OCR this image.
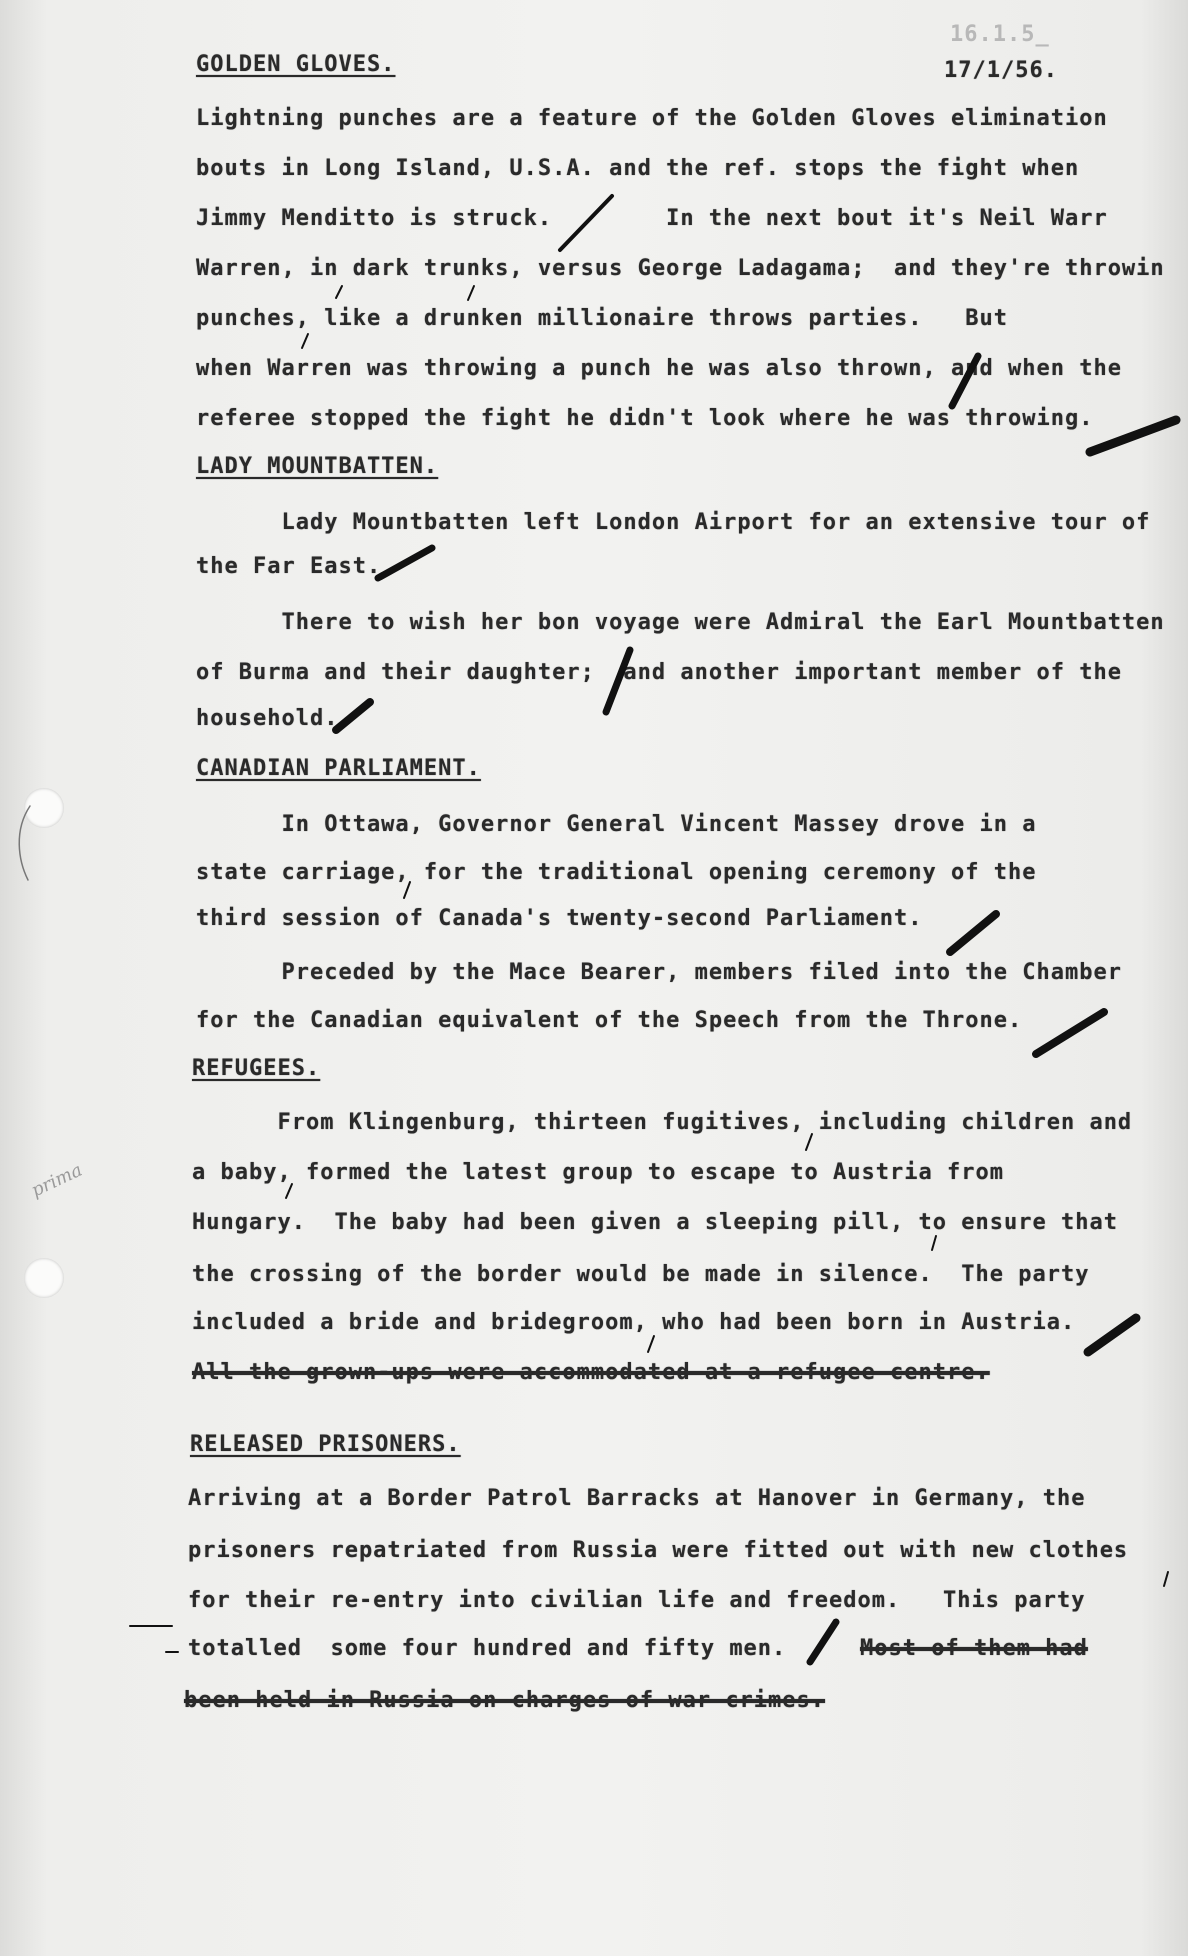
16.1.5_
17/1/56.
GOLDEN GLOVES.
Lightning punches are a feature of the Golden Gloves elimination
bouts in Long Island, U.S.A. and the ref. stops the fight when
Jimmy Menditto is struck.        In the next bout it's Neil Warr
Warren, in dark trunks, versus George Ladagama;  and they're throwin
punches, like a drunken millionaire throws parties.   But
when Warren was throwing a punch he was also thrown, and when the
referee stopped the fight he didn't look where he was throwing.
LADY MOUNTBATTEN.
Lady Mountbatten left London Airport for an extensive tour of
the Far East.
There to wish her bon voyage were Admiral the Earl Mountbatten
of Burma and their daughter;  and another important member of the
household.
CANADIAN PARLIAMENT.
In Ottawa, Governor General Vincent Massey drove in a
state carriage, for the traditional opening ceremony of the
third session of Canada's twenty-second Parliament.
Preceded by the Mace Bearer, members filed into the Chamber
for the Canadian equivalent of the Speech from the Throne.
REFUGEES.
From Klingenburg, thirteen fugitives, including children and
a baby, formed the latest group to escape to Austria from
Hungary.  The baby had been given a sleeping pill, to ensure that
the crossing of the border would be made in silence.  The party
included a bride and bridegroom, who had been born in Austria.
All the grown-ups were accommodated at a refugee centre.
RELEASED PRISONERS.
Arriving at a Border Patrol Barracks at Hanover in Germany, the
prisoners repatriated from Russia were fitted out with new clothes
for their re-entry into civilian life and freedom.   This party
totalled  some four hundred and fifty men.	Most of them had
been held in Russia on charges of war crimes.
prima
